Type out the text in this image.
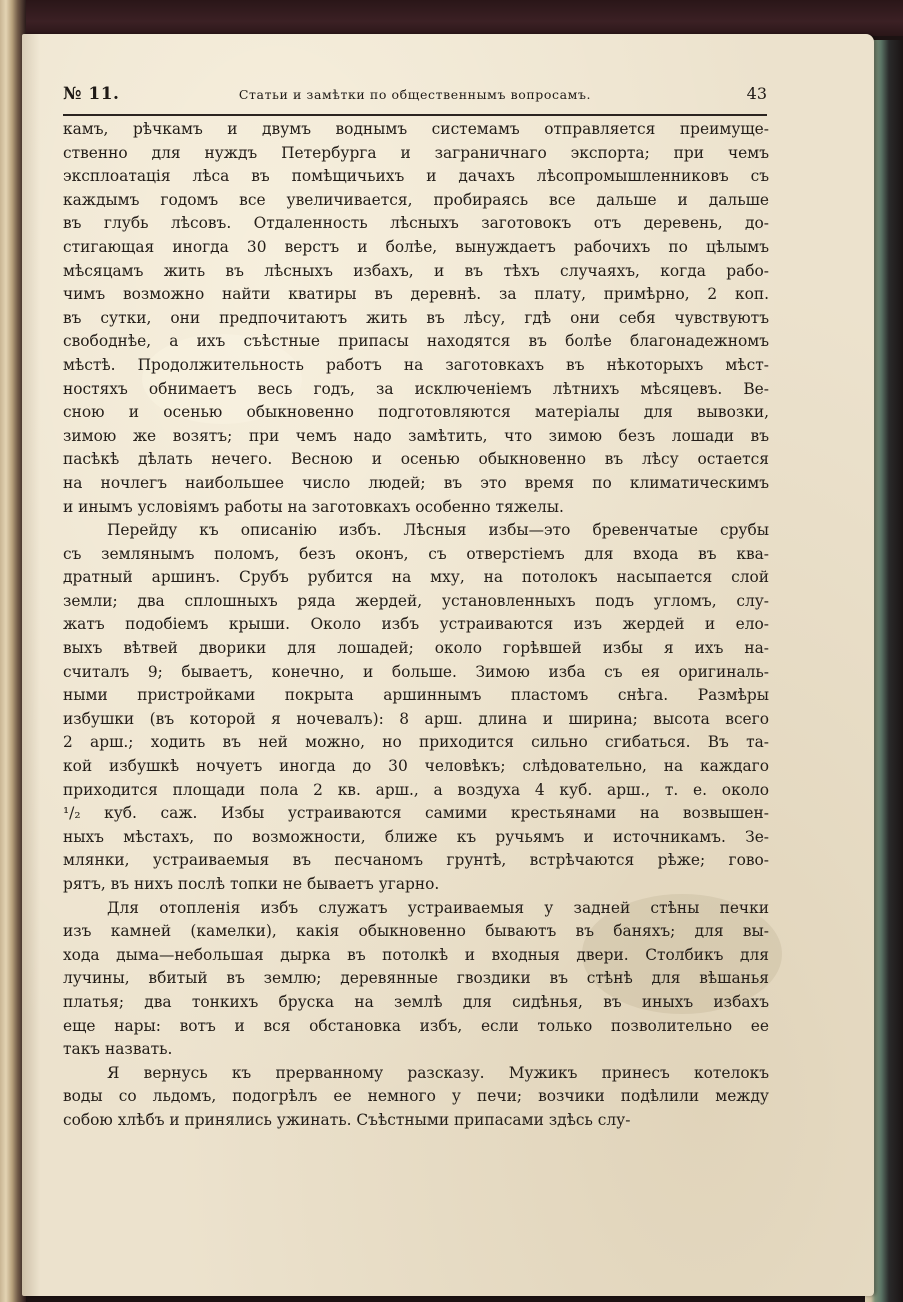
№ 11.	Статьи и замѣтки по общественнымъ вопросамъ.	43
камъ, рѣчкамъ и двумъ воднымъ системамъ отправляется преимуще-
ственно для нуждъ Петербурга и заграничнаго экспорта; при чемъ
эксплоатація лѣса въ помѣщичьихъ и дачахъ лѣсопромышленниковъ съ
каждымъ годомъ все увеличивается, пробираясь все дальше и дальше
въ глубь лѣсовъ. Отдаленность лѣсныхъ заготовокъ отъ деревень, до-
стигающая иногда 30 верстъ и болѣе, вынуждаетъ рабочихъ по цѣлымъ
мѣсяцамъ жить въ лѣсныхъ избахъ, и въ тѣхъ случаяхъ, когда рабо-
чимъ возможно найти кватиры въ деревнѣ. за плату, примѣрно, 2 коп.
въ сутки, они предпочитаютъ жить въ лѣсу, гдѣ они себя чувствуютъ
свободнѣе, а ихъ съѣстные припасы находятся въ болѣе благонадежномъ
мѣстѣ. Продолжительность работъ на заготовкахъ въ нѣкоторыхъ мѣст-
ностяхъ обнимаетъ весь годъ, за исключеніемъ лѣтнихъ мѣсяцевъ. Ве-
сною и осенью обыкновенно подготовляются матеріалы для вывозки,
зимою же возятъ; при чемъ надо замѣтить, что зимою безъ лошади въ
пасѣкѣ дѣлать нечего. Весною и осенью обыкновенно въ лѣсу остается
на ночлегъ наибольшее число людей; въ это время по климатическимъ
и инымъ условіямъ работы на заготовкахъ особенно тяжелы.
Перейду къ описанію избъ. Лѣсныя избы—это бревенчатые срубы
съ землянымъ поломъ, безъ оконъ, съ отверстіемъ для входа въ ква-
дратный аршинъ. Срубъ рубится на мху, на потолокъ насыпается слой
земли; два сплошныхъ ряда жердей, установленныхъ подъ угломъ, слу-
жатъ подобіемъ крыши. Около избъ устраиваются изъ жердей и ело-
выхъ вѣтвей дворики для лошадей; около горѣвшей избы я ихъ на-
считалъ 9; бываетъ, конечно, и больше. Зимою изба съ ея оригиналь-
ными пристройками покрыта аршиннымъ пластомъ снѣга. Размѣры
избушки (въ которой я ночевалъ): 8 арш. длина и ширина; высота всего
2 арш.; ходить въ ней можно, но приходится сильно сгибаться. Въ та-
кой избушкѣ ночуетъ иногда до 30 человѣкъ; слѣдовательно, на каждаго
приходится площади пола 2 кв. арш., а воздуха 4 куб. арш., т. е. около
¹/₂ куб. саж. Избы устраиваются самими крестьянами на возвышен-
ныхъ мѣстахъ, по возможности, ближе къ ручьямъ и источникамъ. Зе-
млянки, устраиваемыя въ песчаномъ грунтѣ, встрѣчаются рѣже; гово-
рятъ, въ нихъ послѣ топки не бываетъ угарно.
Для отопленія избъ служатъ устраиваемыя у задней стѣны печки
изъ камней (камелки), какія обыкновенно бываютъ въ баняхъ; для вы-
хода дыма—небольшая дырка въ потолкѣ и входныя двери. Столбикъ для
лучины, вбитый въ землю; деревянные гвоздики въ стѣнѣ для вѣшанья
платья; два тонкихъ бруска на землѣ для сидѣнья, въ иныхъ избахъ
еще нары: вотъ и вся обстановка избъ, если только позволительно ее
такъ назвать.
Я вернусь къ прерванному разсказу. Мужикъ принесъ котелокъ
воды со льдомъ, подогрѣлъ ее немного у печи; возчики подѣлили между
собою хлѣбъ и принялись ужинать. Съѣстными припасами здѣсь слу-
